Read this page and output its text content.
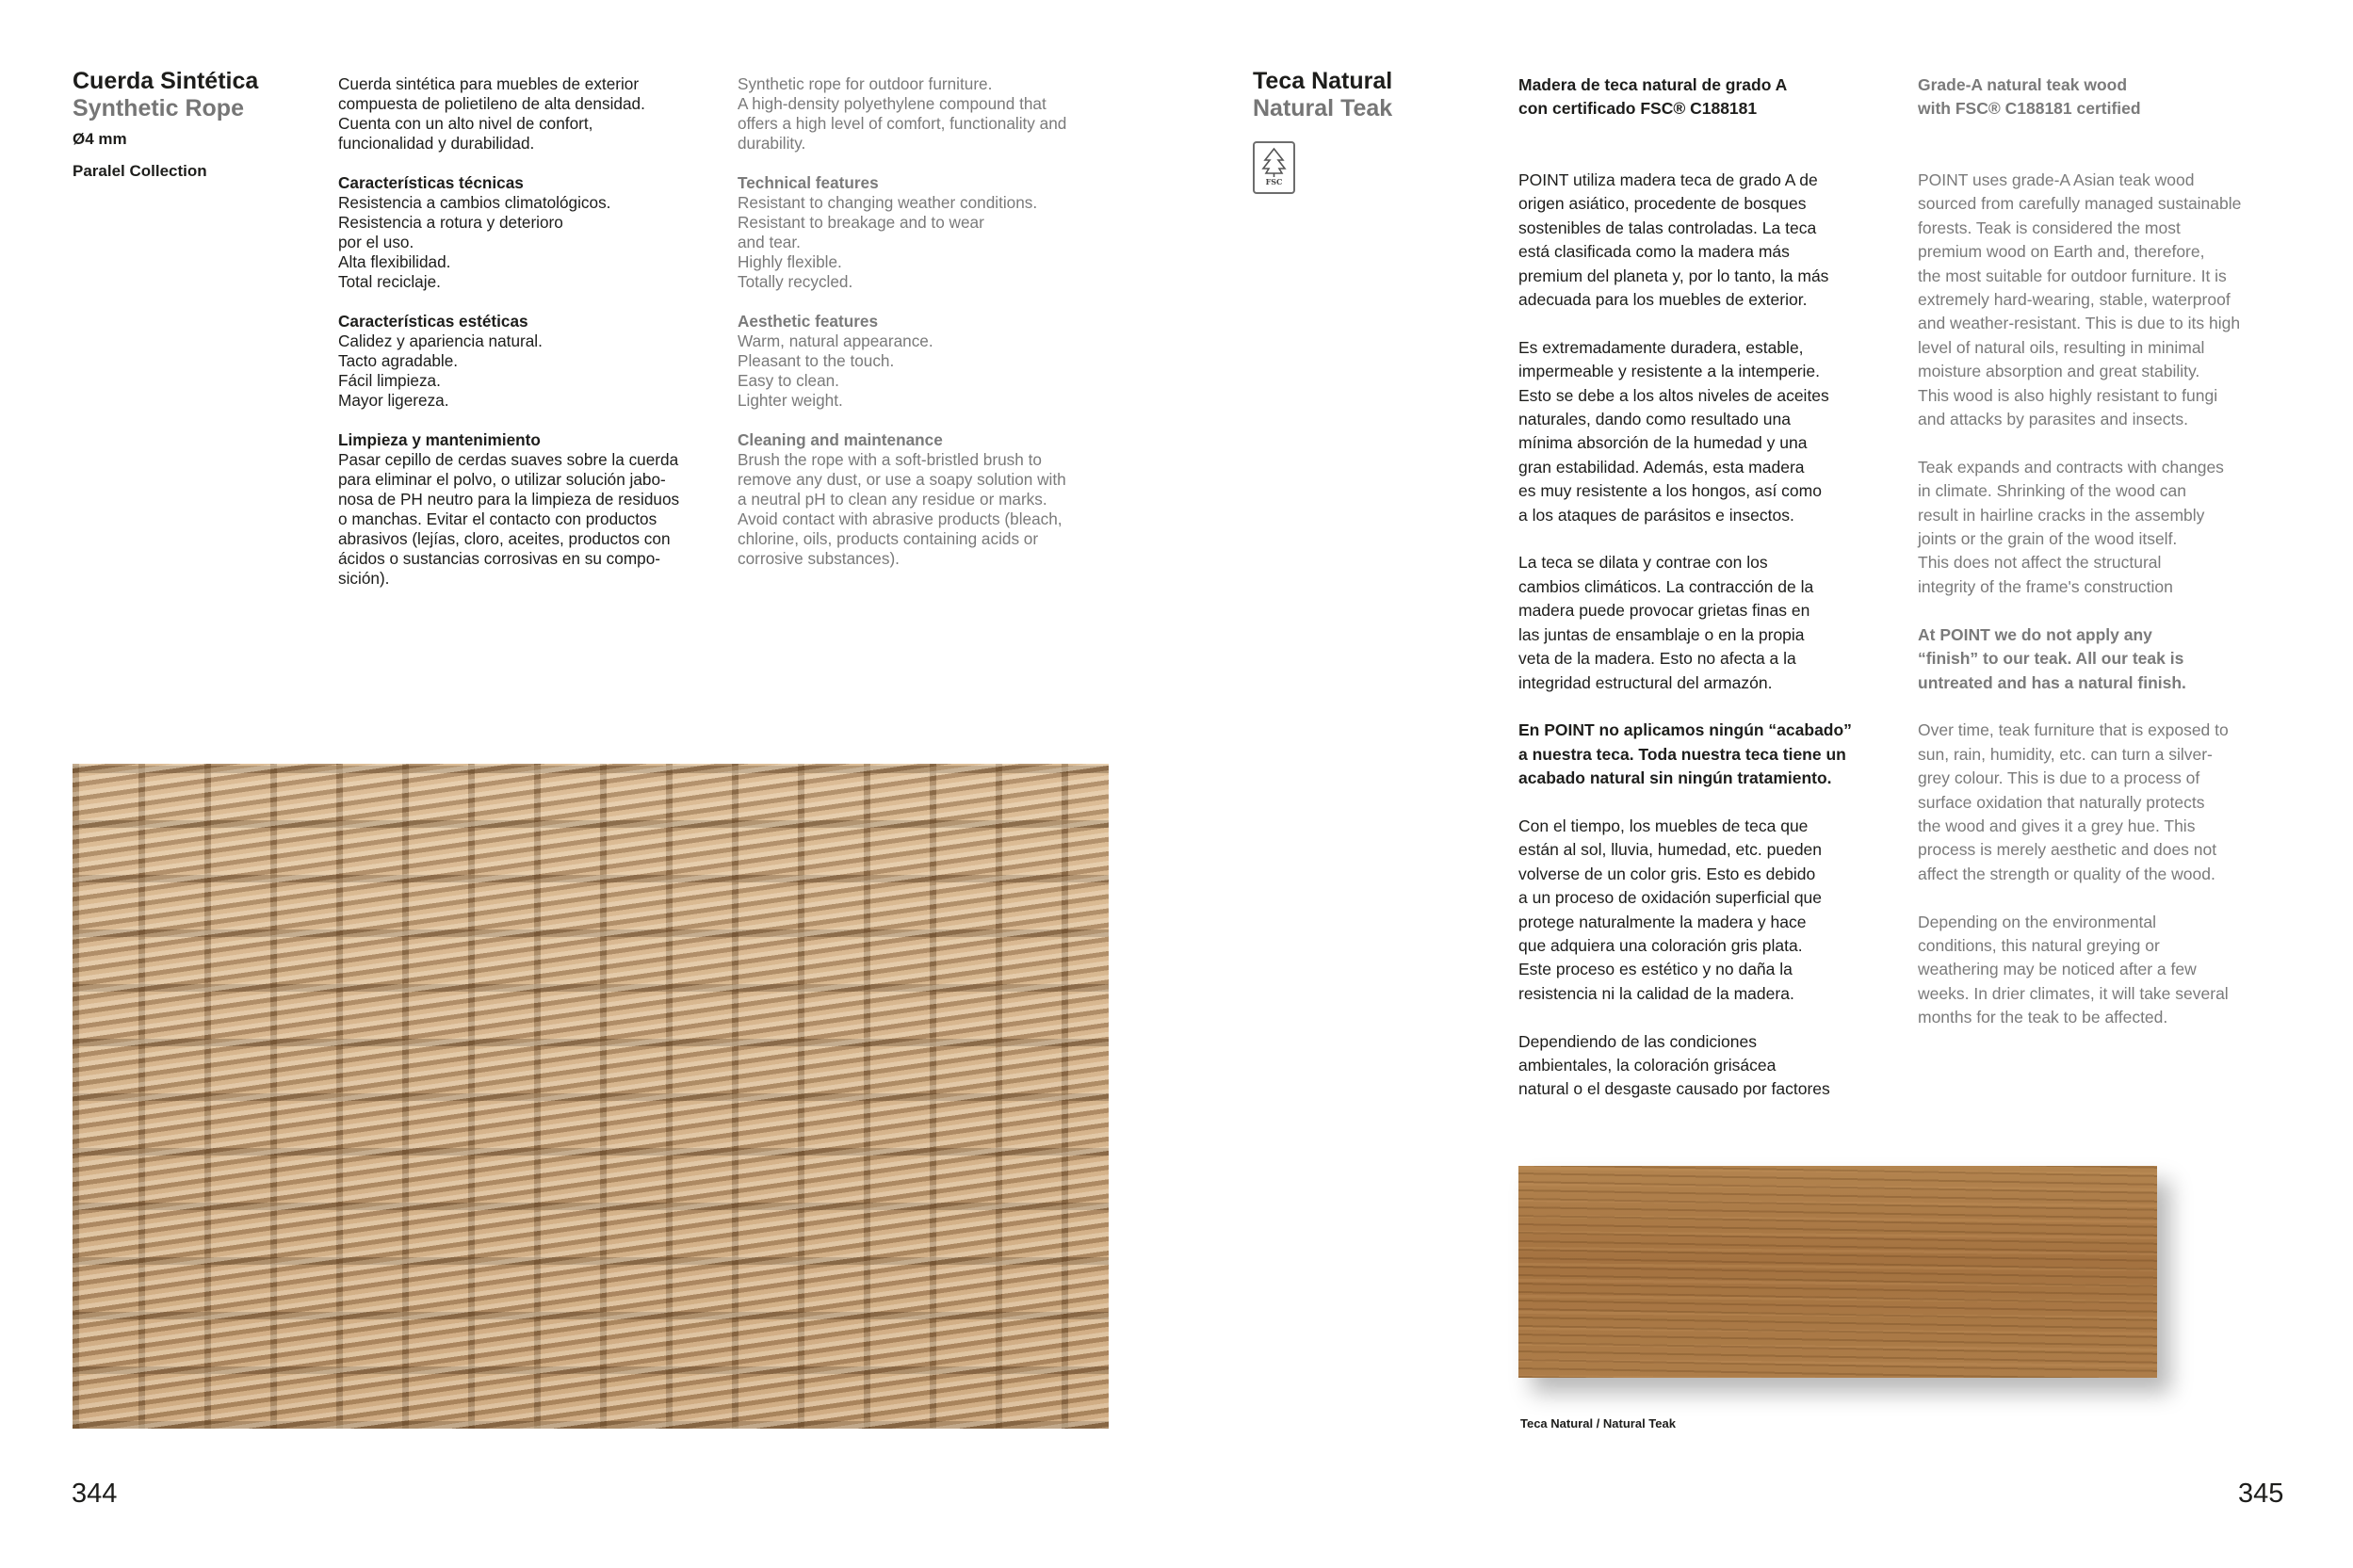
Cuerda Sintética

Synthetic Rope

Ø4 mm

Paralel Collection

Cuerda sintética para muebles de exterior
compuesta de polietileno de alta densidad.
Cuenta con un alto nivel de confort,
funcionalidad y durabilidad.
Características técnicas
Resistencia a cambios climatológicos.
Resistencia a rotura y deterioro
por el uso.
Alta flexibilidad.
Total reciclaje.
Características estéticas
Calidez y apariencia natural.
Tacto agradable.
Fácil limpieza.
Mayor ligereza.
Limpieza y mantenimiento
Pasar cepillo de cerdas suaves sobre la cuerda
para eliminar el polvo, o utilizar solución jabo-
nosa de PH neutro para la limpieza de residuos
o manchas. Evitar el contacto con productos
abrasivos (lejías, cloro, aceites, productos con
ácidos o sustancias corrosivas en su compo-
sición).
Synthetic rope for outdoor furniture.
A high-density polyethylene compound that
offers a high level of comfort, functionality and
durability.
Technical features
Resistant to changing weather conditions.
Resistant to breakage and to wear
and tear.
Highly flexible.
Totally recycled.
Aesthetic features
Warm, natural appearance.
Pleasant to the touch.
Easy to clean.
Lighter weight.
Cleaning and maintenance
Brush the rope with a soft-bristled brush to
remove any dust, or use a soapy solution with
a neutral pH to clean any residue or marks.
Avoid contact with abrasive products (bleach,
chlorine, oils, products containing acids or
corrosive substances).
344

Teca Natural

Natural Teak

FSC

Madera de teca natural de grado A
con certificado FSC® C188181

POINT utiliza madera teca de grado A de
origen asiático, procedente de bosques
sostenibles de talas controladas. La teca
está clasificada como la madera más
premium del planeta y, por lo tanto, la más
adecuada para los muebles de exterior.

Es extremadamente duradera, estable,
impermeable y resistente a la intemperie.
Esto se debe a los altos niveles de aceites
naturales, dando como resultado una
mínima absorción de la humedad y una
gran estabilidad. Además, esta madera
es muy resistente a los hongos, así como
a los ataques de parásitos e insectos.

La teca se dilata y contrae con los
cambios climáticos. La contracción de la
madera puede provocar grietas finas en
las juntas de ensamblaje o en la propia
veta de la madera. Esto no afecta a la
integridad estructural del armazón.

En POINT no aplicamos ningún “acabado”
a nuestra teca. Toda nuestra teca tiene un
acabado natural sin ningún tratamiento.

Con el tiempo, los muebles de teca que
están al sol, lluvia, humedad, etc. pueden
volverse de un color gris. Esto es debido
a un proceso de oxidación superficial que
protege naturalmente la madera y hace
que adquiera una coloración gris plata.
Este proceso es estético y no daña la
resistencia ni la calidad de la madera.

Dependiendo de las condiciones
ambientales, la coloración grisácea
natural o el desgaste causado por factores

Grade-A natural teak wood
with FSC® C188181 certified

POINT uses grade-A Asian teak wood
sourced from carefully managed sustainable
forests. Teak is considered the most
premium wood on Earth and, therefore,
the most suitable for outdoor furniture. It is
extremely hard-wearing, stable, waterproof
and weather-resistant. This is due to its high
level of natural oils, resulting in minimal
moisture absorption and great stability.
This wood is also highly resistant to fungi
and attacks by parasites and insects.

Teak expands and contracts with changes
in climate. Shrinking of the wood can
result in hairline cracks in the assembly
joints or the grain of the wood itself.
This does not affect the structural
integrity of the frame's construction

At POINT we do not apply any
“finish” to our teak. All our teak is
untreated and has a natural finish.

Over time, teak furniture that is exposed to
sun, rain, humidity, etc. can turn a silver-
grey colour. This is due to a process of
surface oxidation that naturally protects
the wood and gives it a grey hue. This
process is merely aesthetic and does not
affect the strength or quality of the wood.

Depending on the environmental
conditions, this natural greying or
weathering may be noticed after a few
weeks. In drier climates, it will take several
months for the teak to be affected.

Teca Natural / Natural Teak
345
